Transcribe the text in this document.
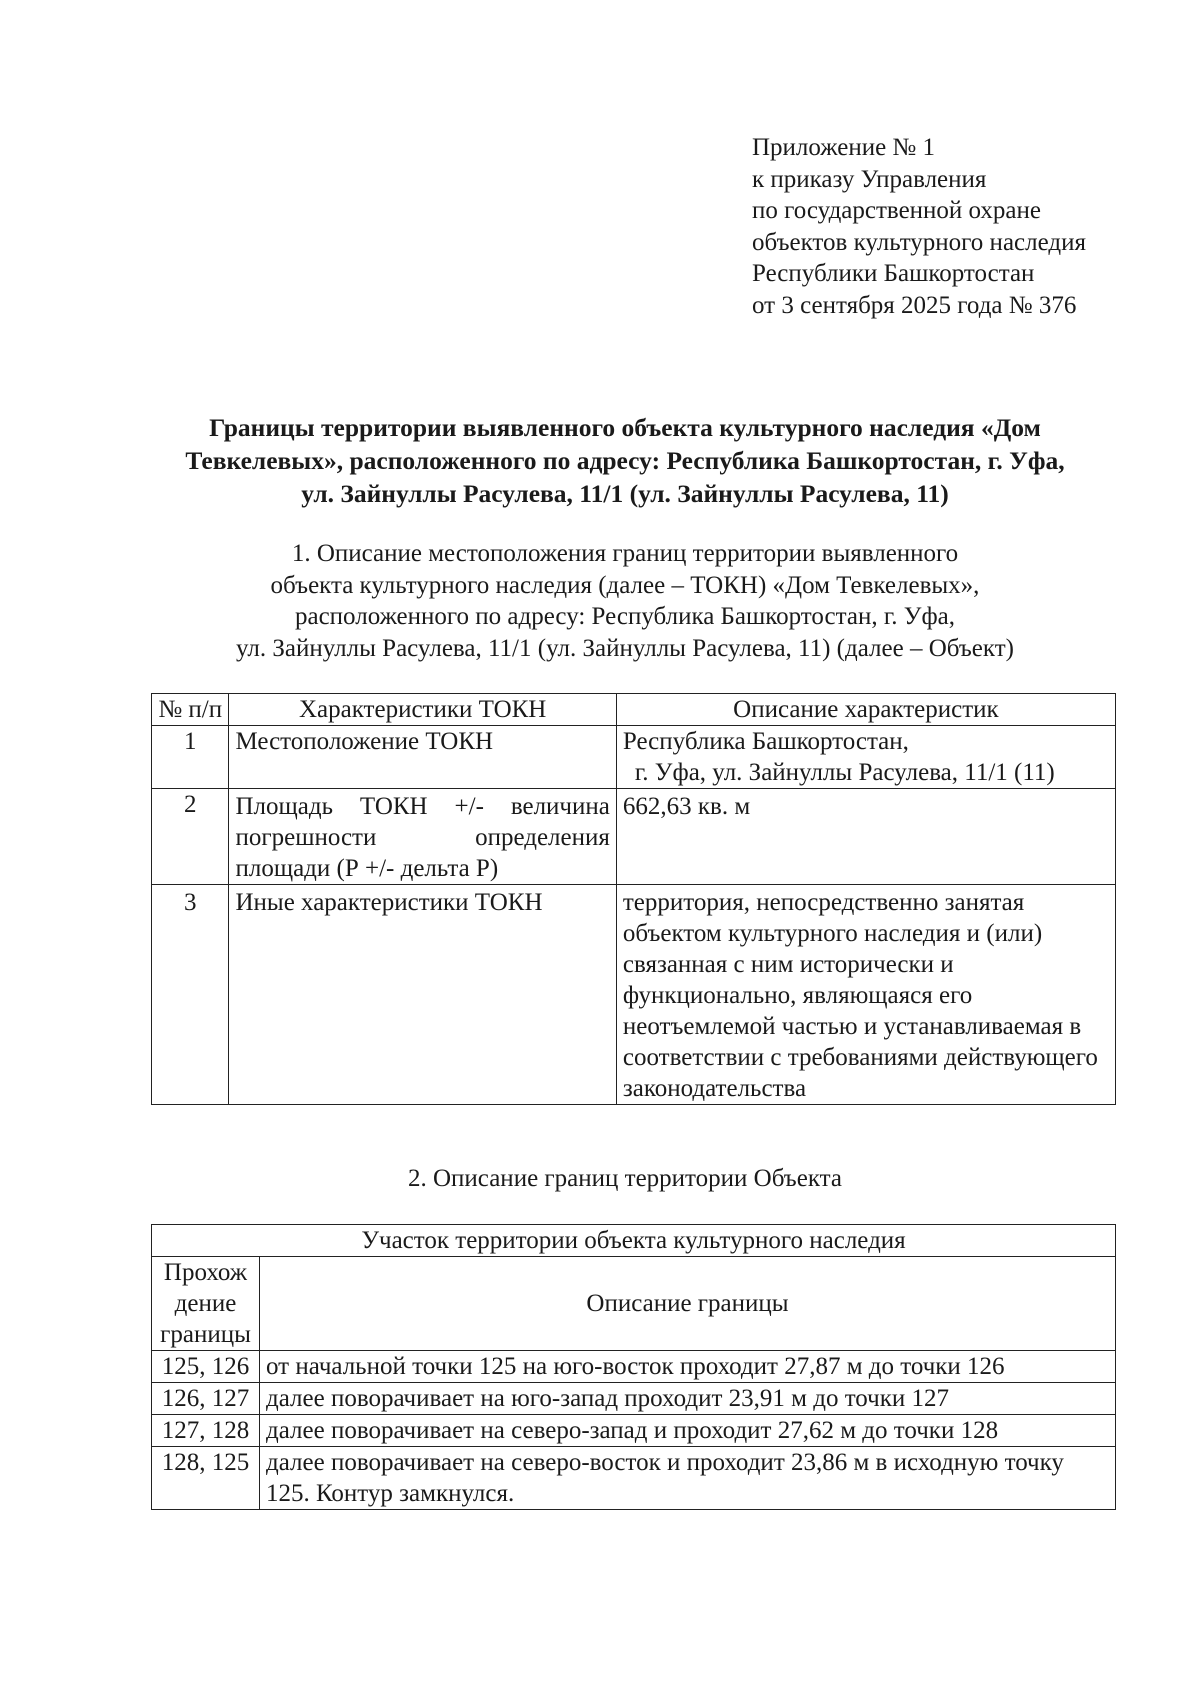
Приложение № 1
к приказу Управления
по государственной охране
объектов культурного наследия
Республики Башкортостан
от 3 сентября 2025 года № 376
Границы территории выявленного объекта культурного наследия «Дом
Тевкелевых», расположенного по адресу: Республика Башкортостан, г. Уфа,
ул. Зайнуллы Расулева, 11/1 (ул. Зайнуллы Расулева, 11)
1. Описание местоположения границ территории выявленного
объекта культурного наследия (далее – ТОКН) «Дом Тевкелевых»,
расположенного по адресу: Республика Башкортостан, г. Уфа,
ул. Зайнуллы Расулева, 11/1 (ул. Зайнуллы Расулева, 11) (далее – Объект)
№ п/п	Характеристики ТОКН	Описание характеристик
1	Местоположение ТОКН	Республика Башкортостан,
г. Уфа, ул. Зайнуллы Расулева, 11/1 (11)

2	Площадь ТОКН +/- величина погрешности определения площади (Р +/- дельта Р)	662,63 кв. м
3	Иные характеристики ТОКН	территория, непосредственно занятая объектом культурного наследия и (или) связанная с ним исторически и функционально, являющаяся его неотъемлемой частью и устанавливаемая в соответствии с требованиями действующего законодательства
2. Описание границ территории Объекта
Участок территории объекта культурного наследия	

Прохож
дение
границы	Описание границы
125, 126	от начальной точки 125 на юго-восток проходит 27,87 м до точки 126
126, 127	далее поворачивает на юго-запад проходит 23,91 м до точки 127
127, 128	далее поворачивает на северо-запад и проходит 27,62 м до точки 128
128, 125	далее поворачивает на северо-восток и проходит 23,86 м в исходную точку 125. Контур замкнулся.
